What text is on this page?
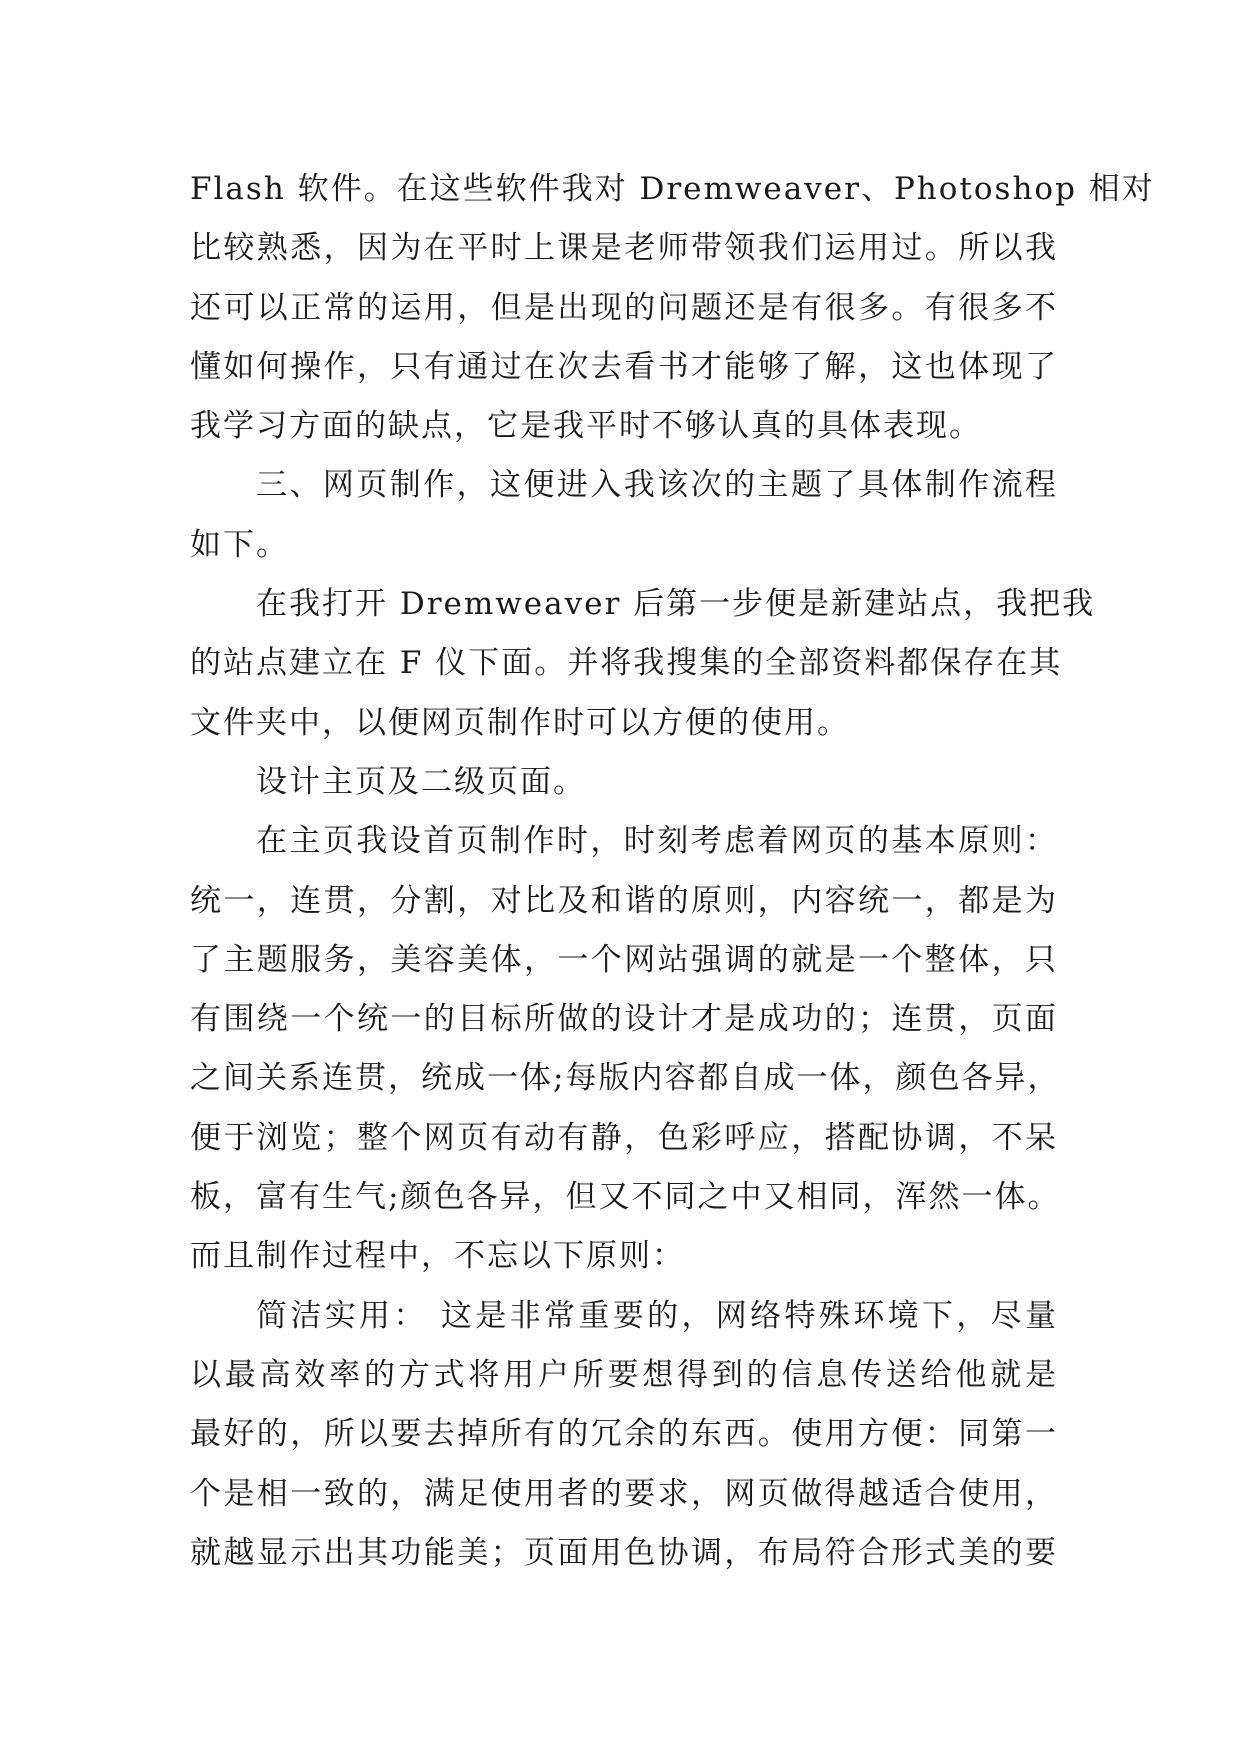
Flash 软件。在这些软件我对 Dremweaver、Photoshop 相对
比较熟悉，因为在平时上课是老师带领我们运用过。所以我
还可以正常的运用，但是出现的问题还是有很多。有很多不
懂如何操作，只有通过在次去看书才能够了解，这也体现了
我学习方面的缺点，它是我平时不够认真的具体表现。
三、网页制作，这便进入我该次的主题了具体制作流程
如下。
在我打开 Dremweaver 后第一步便是新建站点，我把我
的站点建立在 F 仪下面。并将我搜集的全部资料都保存在其
文件夹中，以便网页制作时可以方便的使用。
设计主页及二级页面。
在主页我设首页制作时，时刻考虑着网页的基本原则：
统一，连贯，分割，对比及和谐的原则，内容统一，都是为
了主题服务，美容美体，一个网站强调的就是一个整体，只
有围绕一个统一的目标所做的设计才是成功的；连贯，页面
之间关系连贯，统成一体;每版内容都自成一体，颜色各异，
便于浏览；整个网页有动有静，色彩呼应，搭配协调，不呆
板，富有生气;颜色各异，但又不同之中又相同，浑然一体。
而且制作过程中，不忘以下原则：
简洁实用： 这是非常重要的，网络特殊环境下，尽量
以最高效率的方式将用户所要想得到的信息传送给他就是
最好的，所以要去掉所有的冗余的东西。使用方便：同第一
个是相一致的，满足使用者的要求，网页做得越适合使用，
就越显示出其功能美；页面用色协调，布局符合形式美的要
